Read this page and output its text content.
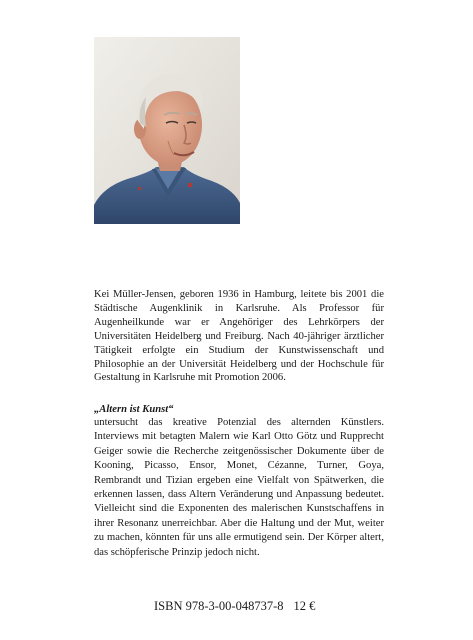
Kei Müller-Jensen, geboren 1936 in Hamburg, leitete bis 2001 die Städtische Augenklinik in Karlsruhe. Als Professor für Augenheilkunde war er Angehöriger des Lehrkörpers der Universitäten Heidelberg und Freiburg. Nach 40-jähriger ärztlicher Tätigkeit erfolgte ein Studium der Kunstwissenschaft und Philosophie an der Universität Heidelberg und der Hochschule für Gestaltung in Karlsruhe mit Promotion 2006.

„Altern ist Kunst“

untersucht das kreative Potenzial des alternden Künstlers. Interviews mit betagten Malern wie Karl Otto Götz und Rupprecht Geiger sowie die Recherche zeitgenössischer Dokumente über de Kooning, Picasso, Ensor, Monet, Cézanne, Turner, Goya, Rembrandt und Tizian ergeben eine Vielfalt von Spätwerken, die erkennen lassen, dass Altern Veränderung und Anpassung bedeutet. Vielleicht sind die Exponenten des malerischen Kunstschaffens in ihrer Resonanz unerreichbar. Aber die Haltung und der Mut, weiter zu machen, könnten für uns alle ermutigend sein. Der Körper altert, das schöpferische Prinzip jedoch nicht.

ISBN 978-3-00-048737-8 12 €
